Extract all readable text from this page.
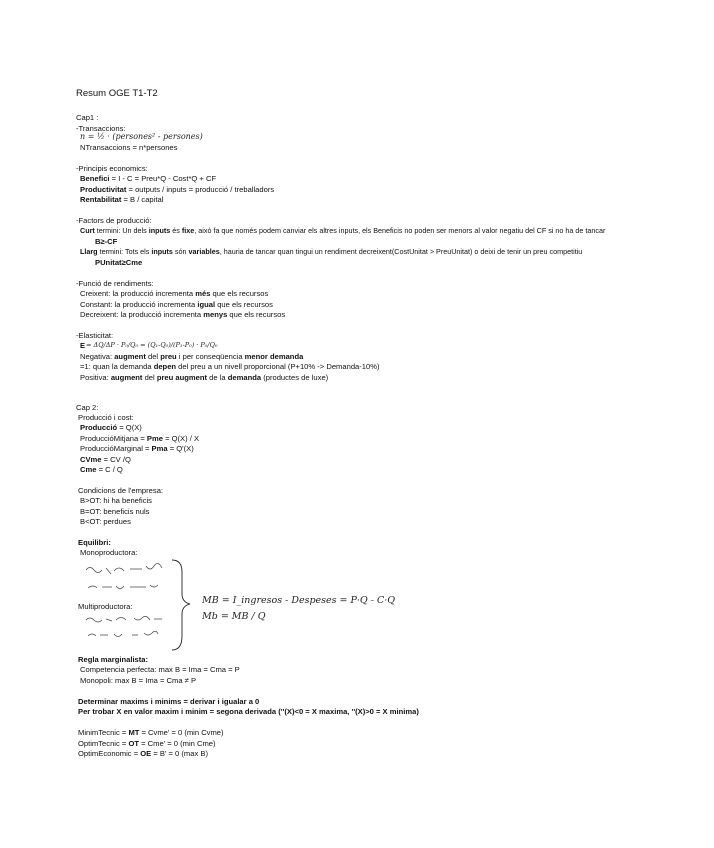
Resum OGE T1-T2
Cap1 :
-Transaccions:
n = ½ · (persones² - persones)
NTransaccions = n*persones
-Principis economics:
Benefici = I - C = Preu*Q - Cost*Q + CF
Productivitat = outputs / inputs = producció / treballadors
Rentabilitat = B / capital
-Factors de producció:
Curt termini: Un dels inputs és fixe, això fa que només podem canviar els altres inputs, els Beneficis no poden ser menors al valor negatiu del CF si no ha de tancar
B≥-CF
Llarg termini: Tots els inputs són variables, hauria de tancar quan tingui un rendiment decreixent(CostUnitat > PreuUnitat) o deixi de tenir un preu competitiu
PUnitat≥Cme
-Funció de rendiments:
Creixent: la producció incrementa més que els recursos
Constant: la producció incrementa igual que els recursos
Decreixent: la producció incrementa menys que els recursos
-Elasticitat:
E = ΔQ/ΔP · P₀/Q₀ = (Q₁-Q₀)/(P₁-P₀) · P₀/Q₀
Negativa: augment del preu i per conseqüencia menor demanda
=1: quan la demanda depen del preu a un nivell proporcional (P+10% -> Demanda-10%)
Positiva: augment del preu augment de la demanda (productes de luxe)
Cap 2:
Producció i cost:
Producció = Q(X)
ProduccióMitjana = Pme = Q(X) / X
ProduccióMarginal = Pma = Q'(X)
CVme = CV /Q
Cme = C / Q
Condicions de l'empresa:
B>OT: hi ha beneficis
B=OT: beneficis nuls
B<OT: perdues
Equilibri:
Monoproductora:
Multiproductora:
MB = I_ingresos - Despeses = P·Q - C·Q
Mb = MB / Q
Regla marginalista:
Competencia perfecta: max B = Ima = Cma = P
Monopoli: max B = Ima = Cma ≠ P
Determinar maxims i minims = derivar i igualar a 0
Per trobar X en valor maxim i minim = segona derivada (''(X)<0 = X maxima, ''(X)>0 = X minima)
MinimTecnic = MT = Cvme' = 0 (min Cvme)
OptimTecnic = OT = Cme' = 0 (min Cme)
OptimEconomic = OE = B' = 0 (max B)
